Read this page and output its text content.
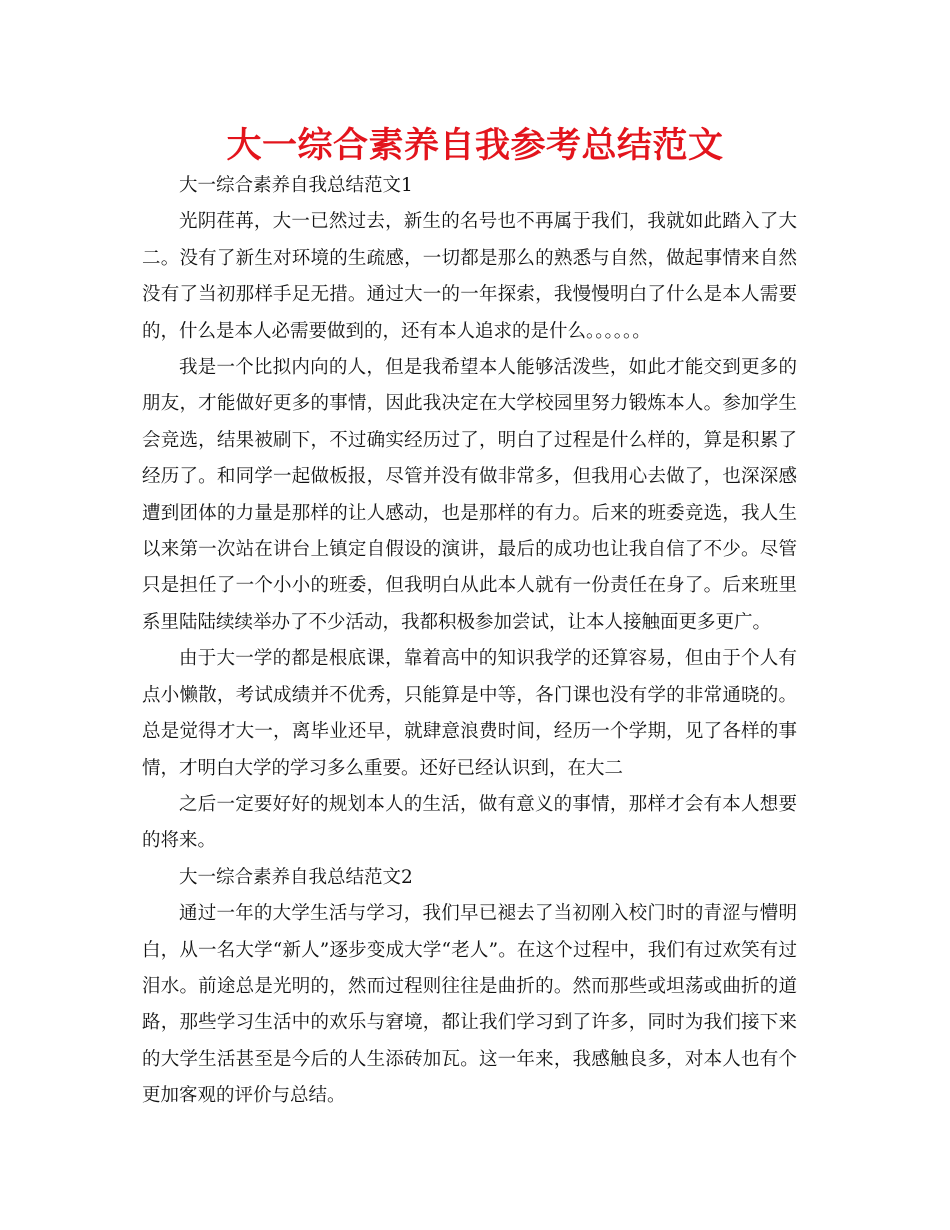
大一综合素养自我参考总结范文

大一综合素养自我总结范文1

光阴荏苒，大一已然过去，新生的名号也不再属于我们，我就如此踏入了大二。没有了新生对环境的生疏感，一切都是那么的熟悉与自然，做起事情来自然没有了当初那样手足无措。通过大一的一年探索，我慢慢明白了什么是本人需要的，什么是本人必需要做到的，还有本人追求的是什么。。。。。。

我是一个比拟内向的人，但是我希望本人能够活泼些，如此才能交到更多的朋友，才能做好更多的事情，因此我决定在大学校园里努力锻炼本人。参加学生会竞选，结果被刷下，不过确实经历过了，明白了过程是什么样的，算是积累了经历了。和同学一起做板报，尽管并没有做非常多，但我用心去做了，也深深感遭到团体的力量是那样的让人感动，也是那样的有力。后来的班委竞选，我人生以来第一次站在讲台上镇定自假设的演讲，最后的成功也让我自信了不少。尽管只是担任了一个小小的班委，但我明白从此本人就有一份责任在身了。后来班里系里陆陆续续举办了不少活动，我都积极参加尝试，让本人接触面更多更广。

由于大一学的都是根底课，靠着高中的知识我学的还算容易，但由于个人有点小懒散，考试成绩并不优秀，只能算是中等，各门课也没有学的非常通晓的。总是觉得才大一，离毕业还早，就肆意浪费时间，经历一个学期，见了各样的事情，才明白大学的学习多么重要。还好已经认识到，在大二

之后一定要好好的规划本人的生活，做有意义的事情，那样才会有本人想要的将来。

大一综合素养自我总结范文2

通过一年的大学生活与学习，我们早已褪去了当初刚入校门时的青涩与懵明白，从一名大学“新人”逐步变成大学“老人”。在这个过程中，我们有过欢笑有过泪水。前途总是光明的，然而过程则往往是曲折的。然而那些或坦荡或曲折的道路，那些学习生活中的欢乐与窘境，都让我们学习到了许多，同时为我们接下来的大学生活甚至是今后的人生添砖加瓦。这一年来，我感触良多，对本人也有个更加客观的评价与总结。
